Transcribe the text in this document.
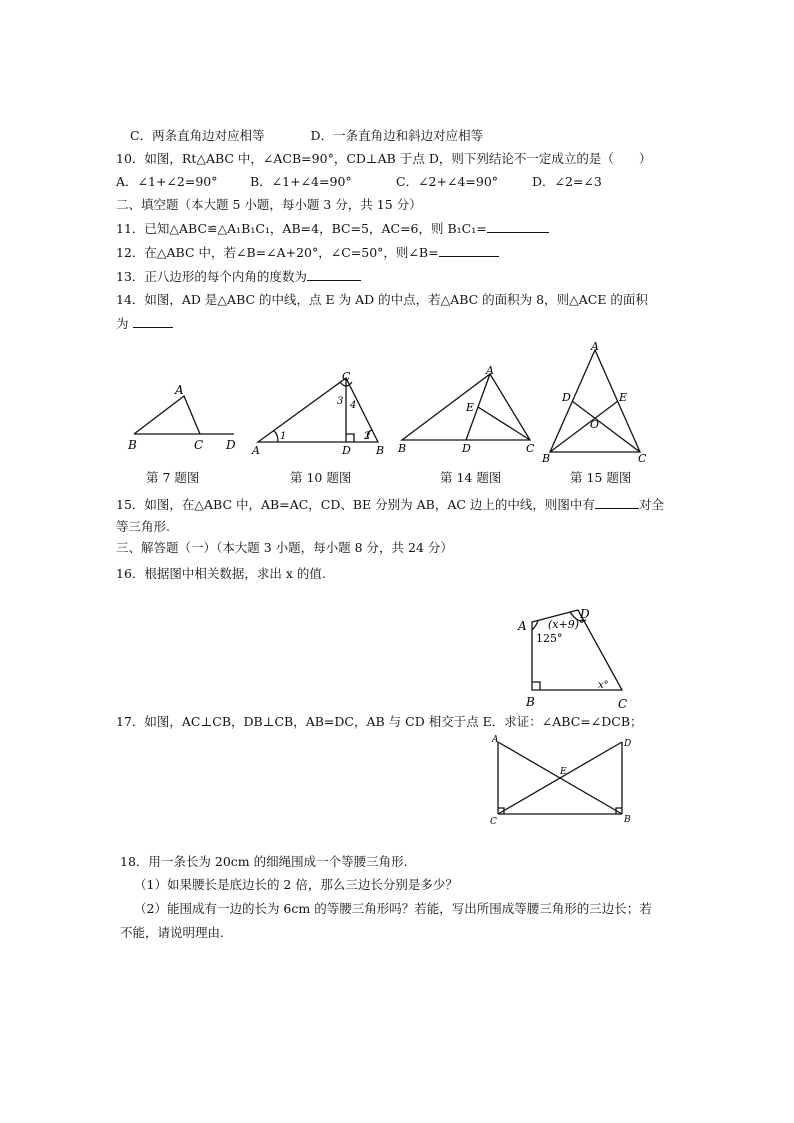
C．两条直角边对应相等	D．一条直角边和斜边对应相等
10．如图，Rt△ABC 中，∠ACB=90°，CD⊥AB 于点 D，则下列结论不一定成立的是（　　）
A．∠1+∠2=90°	B．∠1+∠4=90°	C．∠2+∠4=90°	D．∠2=∠3
二、填空题（本大题 5 小题，每小题 3 分，共 15 分）
11．已知△ABC≌△A₁B₁C₁，AB=4，BC=5，AC=6，则 B₁C₁=
12．在△ABC 中，若∠B=∠A+20°，∠C=50°，则∠B=
13．正八边形的每个内角的度数为
14．如图，AD 是△ABC 的中线，点 E 为 AD 的中点，若△ABC 的面积为 8，则△ACE 的面积
为
A
B	C D
第 7 题图
C
A	D B
1	2
3 4
第 10 题图
A
B	D	C
E
第 14 题图
A
D	E
O
B	C
第 15 题图
15．如图，在△ABC 中，AB=AC，CD、BE 分别为 AB，AC 边上的中线，则图中有	对全
等三角形.
三、解答题（一）（本大题 3 小题，每小题 8 分，共 24 分）
16．根据图中相关数据，求出 x 的值.
A
D
B	C
125°
(x+9)°
x°
17．如图，AC⊥CB，DB⊥CB，AB=DC，AB 与 CD 相交于点 E．求证：∠ABC=∠DCB；
A	D
E
C	B
18．用一条长为 20cm 的细绳围成一个等腰三角形.
（1）如果腰长是底边长的 2 倍，那么三边长分别是多少？
（2）能围成有一边的长为 6cm 的等腰三角形吗？若能，写出所围成等腰三角形的三边长；若
不能，请说明理由.
